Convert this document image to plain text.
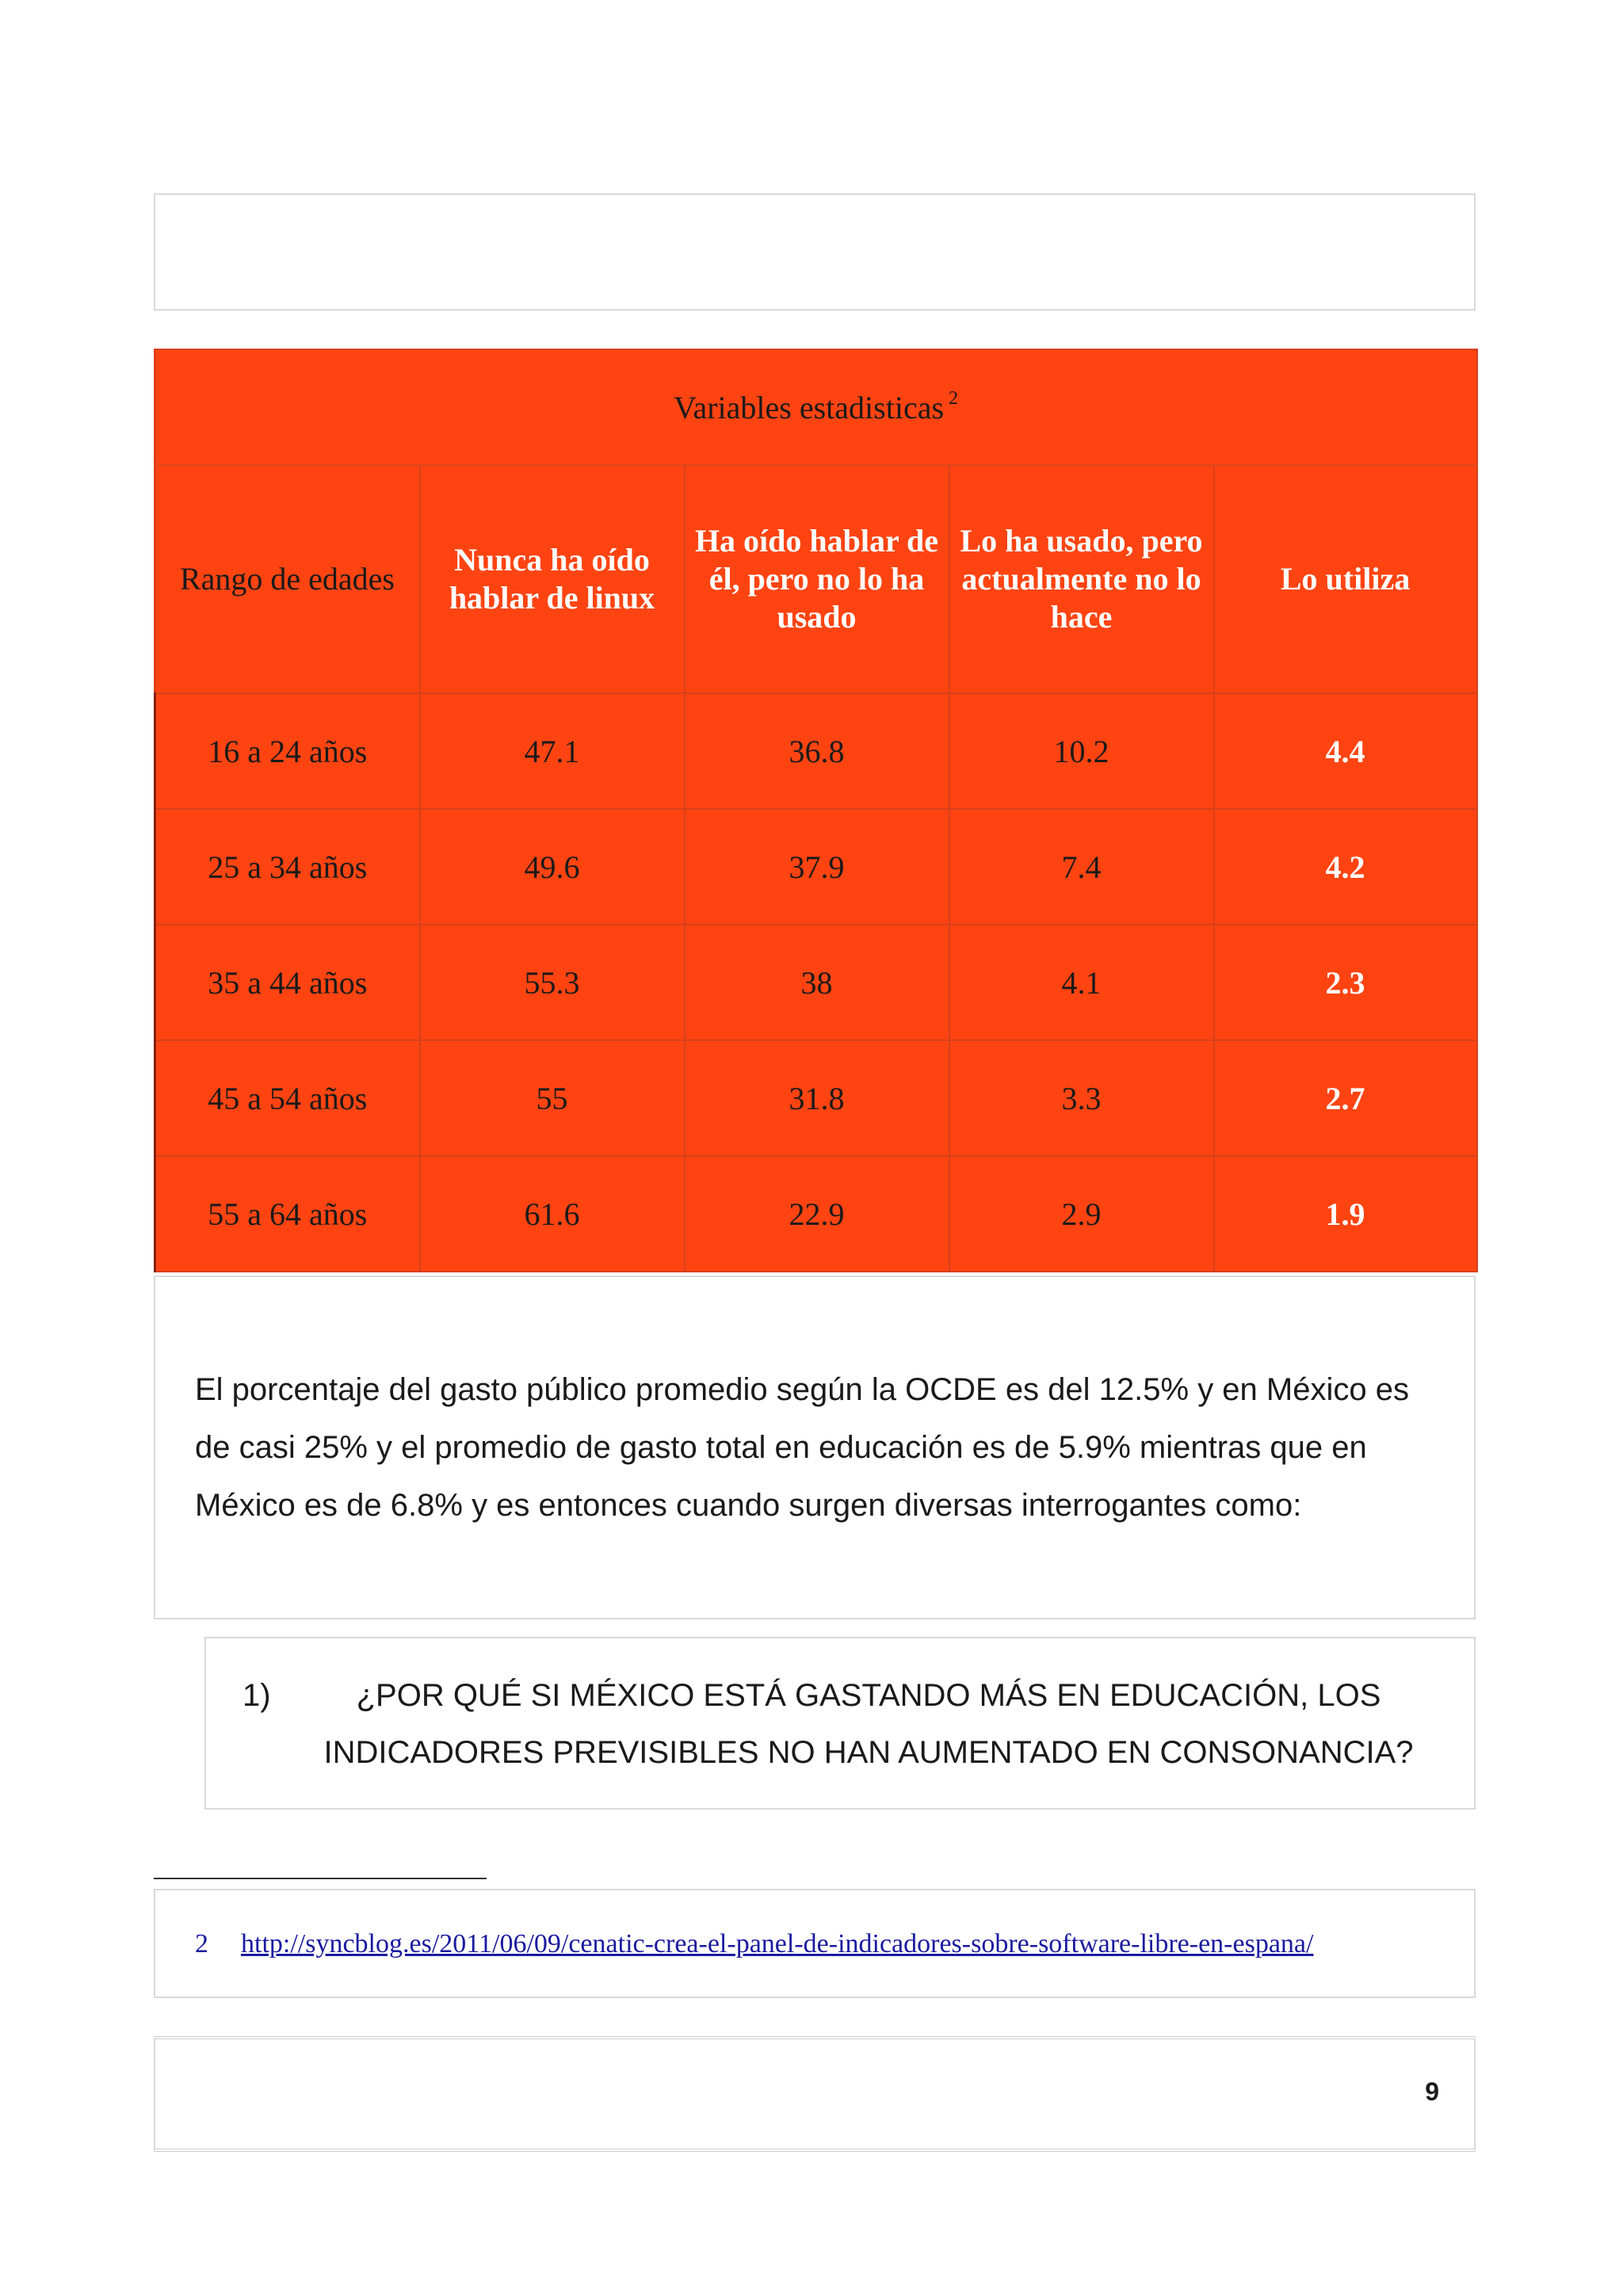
Variables estadisticas $^2$
Rango de edades	Nunca ha oído hablar de linux	Ha oído hablar de él, pero no lo ha usado	Lo ha usado, pero actualmente no lo hace	Lo utiliza
16 a 24 años	47.1	36.8	10.2	4.4
25 a 34 años	49.6	37.9	7.4	4.2
35 a 44 años	55.3	38	4.1	2.3
45 a 54 años	55	31.8	3.3	2.7
55 a 64 años	61.6	22.9	2.9	1.9

El porcentaje del gasto público promedio según la OCDE es del 12.5% y en México es de casi 25% y el promedio de gasto total en educación es de 5.9% mientras que en México es de 6.8% y es entonces cuando surgen diversas interrogantes como:

1)	¿POR QUÉ SI MÉXICO ESTÁ GASTANDO MÁS EN EDUCACIÓN, LOS INDICADORES PREVISIBLES NO HAN AUMENTADO EN CONSONANCIA?
2 http://syncblog.es/2011/06/09/cenatic-crea-el-panel-de-indicadores-sobre-software-libre-en-espana/
9
